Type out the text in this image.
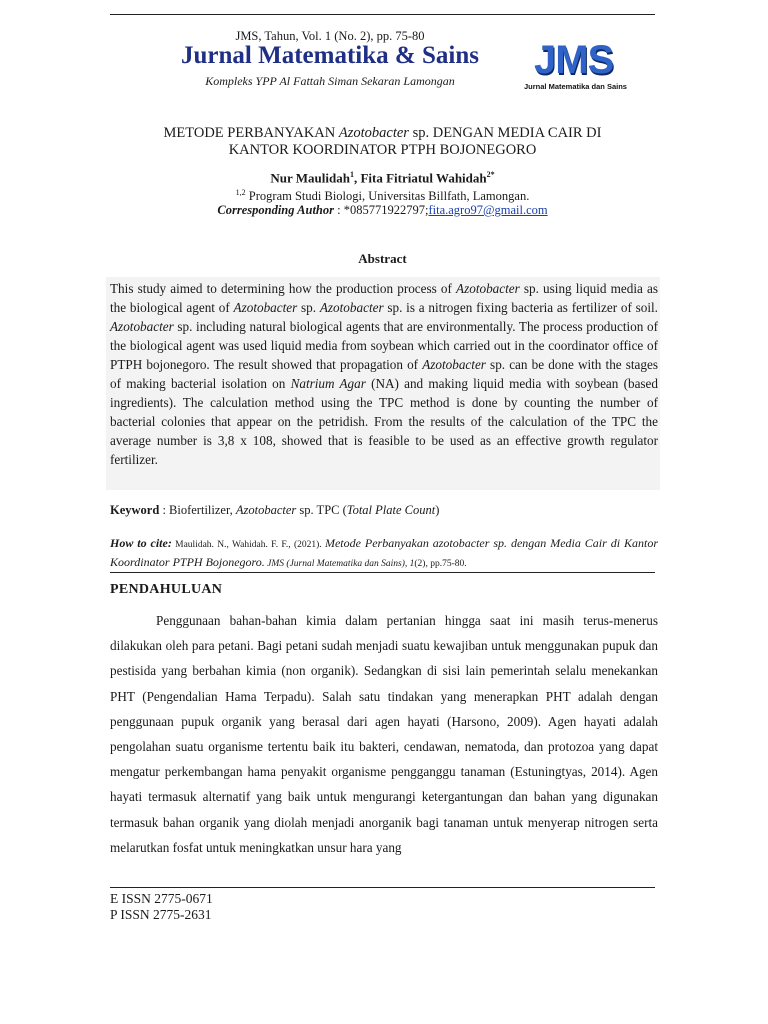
JMS, Tahun, Vol. 1 (No. 2), pp. 75-80
Jurnal Matematika & Sains
Kompleks YPP Al Fattah Siman Sekaran Lamongan	JMS
Jurnal Matematika dan Sains
METODE PERBANYAKAN Azotobacter sp. DENGAN MEDIA CAIR DI
KANTOR KOORDINATOR PTPH BOJONEGORO
Nur Maulidah$^1$, Fita Fitriatul Wahidah$^{2*}$
$^{1,2}$ Program Studi Biologi, Universitas Billfath, Lamongan.
Corresponding Author : *085771922797;fita.agro97@gmail.com
Abstract
This study aimed to determining how the production process of Azotobacter sp. using liquid media as the biological agent of Azotobacter sp. Azotobacter sp. is a nitrogen fixing bacteria as fertilizer of soil. Azotobacter sp. including natural biological agents that are environmentally. The process production of the biological agent was used liquid media from soybean which carried out in the coordinator office of PTPH bojonegoro. The result showed that propagation of Azotobacter sp. can be done with the stages of making bacterial isolation on Natrium Agar (NA) and making liquid media with soybean (based ingredients). The calculation method using the TPC method is done by counting the number of bacterial colonies that appear on the petridish. From the results of the calculation of the TPC the average number is 3,8 x 108, showed that is feasible to be used as an effective growth regulator fertilizer.
Keyword : Biofertilizer, Azotobacter sp. TPC (Total Plate Count)
How to cite: Maulidah. N., Wahidah. F. F., (2021). Metode Perbanyakan azotobacter sp. dengan Media Cair di Kantor Koordinator PTPH Bojonegoro. JMS (Jurnal Matematika dan Sains), 1(2), pp.75-80.
PENDAHULUAN
Penggunaan bahan-bahan kimia dalam pertanian hingga saat ini masih terus-menerus dilakukan oleh para petani. Bagi petani sudah menjadi suatu kewajiban untuk menggunakan pupuk dan pestisida yang berbahan kimia (non organik). Sedangkan di sisi lain pemerintah selalu menekankan PHT (Pengendalian Hama Terpadu). Salah satu tindakan yang menerapkan PHT adalah dengan penggunaan pupuk organik yang berasal dari agen hayati (Harsono, 2009). Agen hayati adalah pengolahan suatu organisme tertentu baik itu bakteri, cendawan, nematoda, dan protozoa yang dapat mengatur perkembangan hama penyakit organisme pengganggu tanaman (Estuningtyas, 2014). Agen hayati termasuk alternatif yang baik untuk mengurangi ketergantungan dan bahan yang digunakan termasuk bahan organik yang diolah menjadi anorganik bagi tanaman untuk menyerap nitrogen serta melarutkan fosfat untuk meningkatkan unsur hara yang
E ISSN 2775-0671
P ISSN 2775-2631
